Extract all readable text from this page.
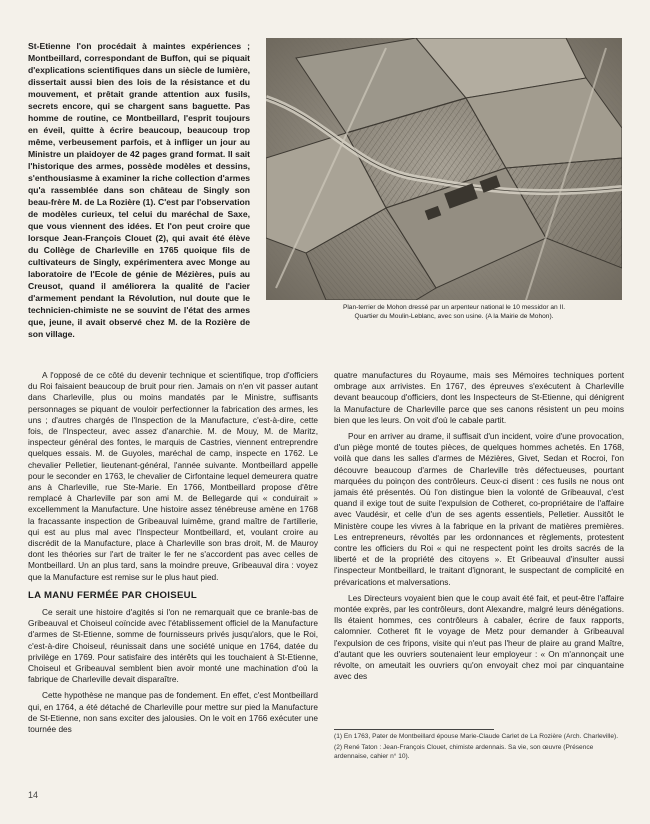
St-Etienne l'on procédait à maintes expériences ; Montbeillard, correspondant de Buffon, qui se piquait d'explications scientifiques dans un siècle de lumière, dissertait aussi bien des lois de la résistance et du mouvement, et prêtait grande attention aux fusils, secrets encore, qui se chargent sans baguette. Pas homme de routine, ce Montbeillard, l'esprit toujours en éveil, quitte à écrire beaucoup, beaucoup trop même, verbeusement parfois, et à infliger un jour au Ministre un plaidoyer de 42 pages grand format. Il sait l'historique des armes, possède modèles et dessins, s'enthousiasme à examiner la riche collection d'armes qu'a rassemblée dans son château de Singly son beau-frère M. de La Rozière (1). C'est par l'observation de modèles curieux, tel celui du maréchal de Saxe, que vous viennent des idées. Et l'on peut croire que lorsque Jean-François Clouet (2), qui avait été élève du Collège de Charleville en 1765 quoique fils de cultivateurs de Singly, expérimentera avec Monge au laboratoire de l'Ecole de génie de Mézières, puis au Creusot, quand il améliorera la qualité de l'acier d'armement pendant la Révolution, nul doute que le technicien-chimiste ne se souvint de l'état des armes que, jeune, il avait observé chez M. de la Rozière de son village.

Plan-terrier de Mohon dressé par un arpenteur national le 10 messidor an II.
Quartier du Moulin-Leblanc, avec son usine. (A la Mairie de Mohon).

A l'opposé de ce côté du devenir technique et scientifique, trop d'officiers du Roi faisaient beaucoup de bruit pour rien. Jamais on n'en vit passer autant dans Charleville, plus ou moins mandatés par le Ministre, suffisants personnages se piquant de vouloir perfectionner la fabrication des armes, les uns ; d'autres chargés de l'Inspection de la Manufacture, c'est-à-dire, cette fois, de l'Inspecteur, avec assez d'anarchie. M. de Mouy, M. de Maritz, inspecteur général des fontes, le marquis de Castries, viennent entreprendre quelques essais. M. de Guyoles, maréchal de camp, inspecte en 1762. Le chevalier Pelletier, lieutenant-général, l'année suivante. Montbeillard appelle pour le seconder en 1763, le chevalier de Cirfontaine lequel demeurera quatre ans à Charleville, rue Ste-Marie. En 1766, Montbeillard propose d'être remplacé à Charleville par son ami M. de Bellegarde qui « conduirait » excellemment la Manufacture. Une histoire assez ténébreuse amène en 1768 la fracassante inspection de Gribeauval luimême, grand maître de l'artillerie, qui est au plus mal avec l'Inspecteur Montbeillard, et, voulant croire au discrédit de la Manufacture, place à Charleville son bras droit, M. de Mauroy dont les théories sur l'art de traiter le fer ne s'accordent pas avec celles de Montbeillard. Un an plus tard, sans la moindre preuve, Gribeauval dira : voyez que la Manufacture est remise sur le plus haut pied.

LA MANU FERMÉE PAR CHOISEUL

Ce serait une histoire d'agités si l'on ne remarquait que ce branle-bas de Gribeauval et Choiseul coïncide avec l'établissement officiel de la Manufacture d'armes de St-Etienne, somme de fournisseurs privés jusqu'alors, que le Roi, c'est-à-dire Choiseul, réunissait dans une société unique en 1764, datée du privilège en 1769. Pour satisfaire des intérêts qui les touchaient à St-Etienne, Choiseul et Gribeauval semblent bien avoir monté une machination d'où la fabrique de Charleville devait disparaître.

Cette hypothèse ne manque pas de fondement. En effet, c'est Montbeillard qui, en 1764, a été détaché de Charleville pour mettre sur pied la Manufacture de St-Etienne, non sans exciter des jalousies. On le voit en 1766 exécuter une tournée des

quatre manufactures du Royaume, mais ses Mémoires techniques portent ombrage aux arrivistes. En 1767, des épreuves s'exécutent à Charleville devant beaucoup d'officiers, dont les Inspecteurs de St-Etienne, qui dénigrent la Manufacture de Charleville parce que ses canons résistent un peu moins bien que les leurs. On voit d'où le cabale partit.

Pour en arriver au drame, il suffisait d'un incident, voire d'une provocation, d'un piège monté de toutes pièces, de quelques hommes achetés. En 1768, voilà que dans les salles d'armes de Mézières, Givet, Sedan et Rocroi, l'on découvre beaucoup d'armes de Charleville très défectueuses, pourtant marquées du poinçon des contrôleurs. Ceux-ci disent : ces fusils ne nous ont jamais été présentés. Où l'on distingue bien la volonté de Gribeauval, c'est quand il exige tout de suite l'expulsion de Cotheret, co-propriétaire de l'affaire avec Vaudésir, et celle d'un de ses agents essentiels, Pelletier. Aussitôt le Ministère coupe les vivres à la fabrique en la privant de matières premières. Les entrepreneurs, révoltés par les ordonnances et règlements, protestent contre les officiers du Roi « qui ne respectent point les droits sacrés de la liberté et de la propriété des citoyens ». Et Gribeauval d'insulter aussi l'inspecteur Montbeillard, le traitant d'ignorant, le suspectant de complicité en prévarications et malversations.

Les Directeurs voyaient bien que le coup avait été fait, et peut-être l'affaire montée exprès, par les contrôleurs, dont Alexandre, malgré leurs dénégations. Ils étaient hommes, ces contrôleurs à cabaler, écrire de faux rapports, calomnier. Cotheret fit le voyage de Metz pour demander à Gribeauval l'expulsion de ces fripons, visite qui n'eut pas l'heur de plaire au grand Maître, d'autant que les ouvriers soutenaient leur employeur : « On m'annonçait une révolte, on ameutait les ouvriers qu'on envoyait chez moi par cinquantaine avec des

(1) En 1763, Pater de Montbeillard épouse Marie-Claude Carlet de La Rozière (Arch. Charleville).
(2) René Taton : Jean-François Clouet, chimiste ardennais. Sa vie, son œuvre (Présence ardennaise, cahier n° 10).
14
